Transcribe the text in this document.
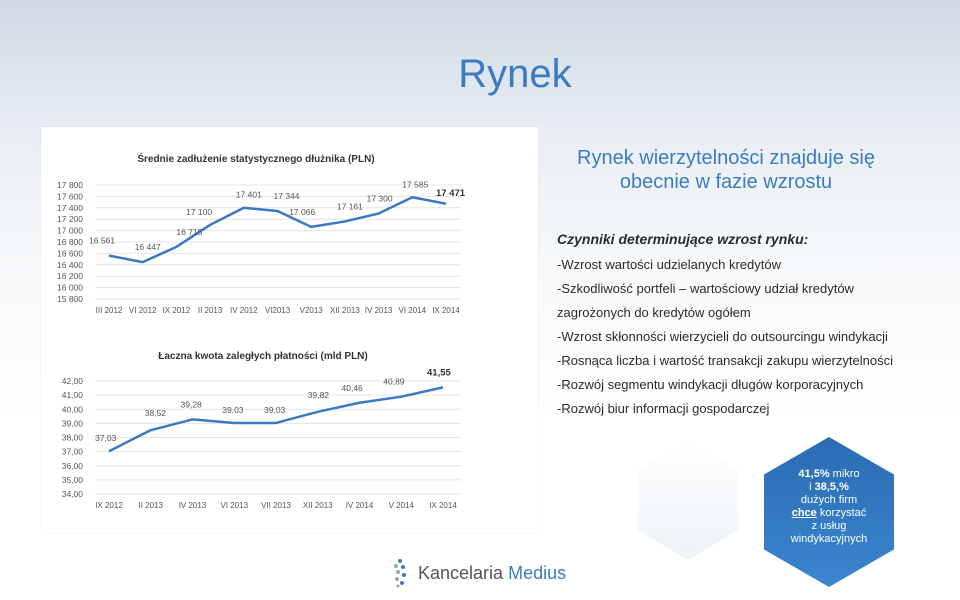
Rynek
Średnie zadłużenie statystycznego dłużnika (PLN)
17 800
17 600
17 400
17 200
17 000
16 800
16 600
16 400
16 200
16 000
15 800
III 2012 VI 2012 IX 2012 II 2013 IV 2012 VI2013 V2013 XII 2013 IV 2013 VI 2014 IX 2014
16 561
16 447
16 715
17 100
17 401 17 344
17 066
17 161
17 300
17 585
17 471
Łaczna kwota zaległych płatności (mld PLN)
42,00
41,00
40,00
39,00
38,00
37,00
36,00
35,00
34,00
IX 2012 II 2013 IV 2013 VI 2013 VII 2013 XII 2013 IV 2014 V 2014 IX 2014
37,03
38,52
39,28
39,03 39,03
39,82
40,46
40,89
41,55
Rynek wierzytelności znajduje się obecnie w fazie wzrostu
Czynniki determinujące wzrost rynku:
-Wzrost wartości udzielanych kredytów
-Szkodliwość portfeli – wartościowy udział kredytów zagrożonych do kredytów ogółem
-Wzrost skłonności wierzycieli do outsourcingu windykacji
-Rosnąca liczba i wartość transakcji zakupu wierzytelności
-Rozwój segmentu windykacji długów korporacyjnych
-Rozwój biur informacji gospodarczej
41,5% mikro
i 38,5,%
dużych firm
chce korzystać
z usług
windykacyjnych
Kancelaria Medius
